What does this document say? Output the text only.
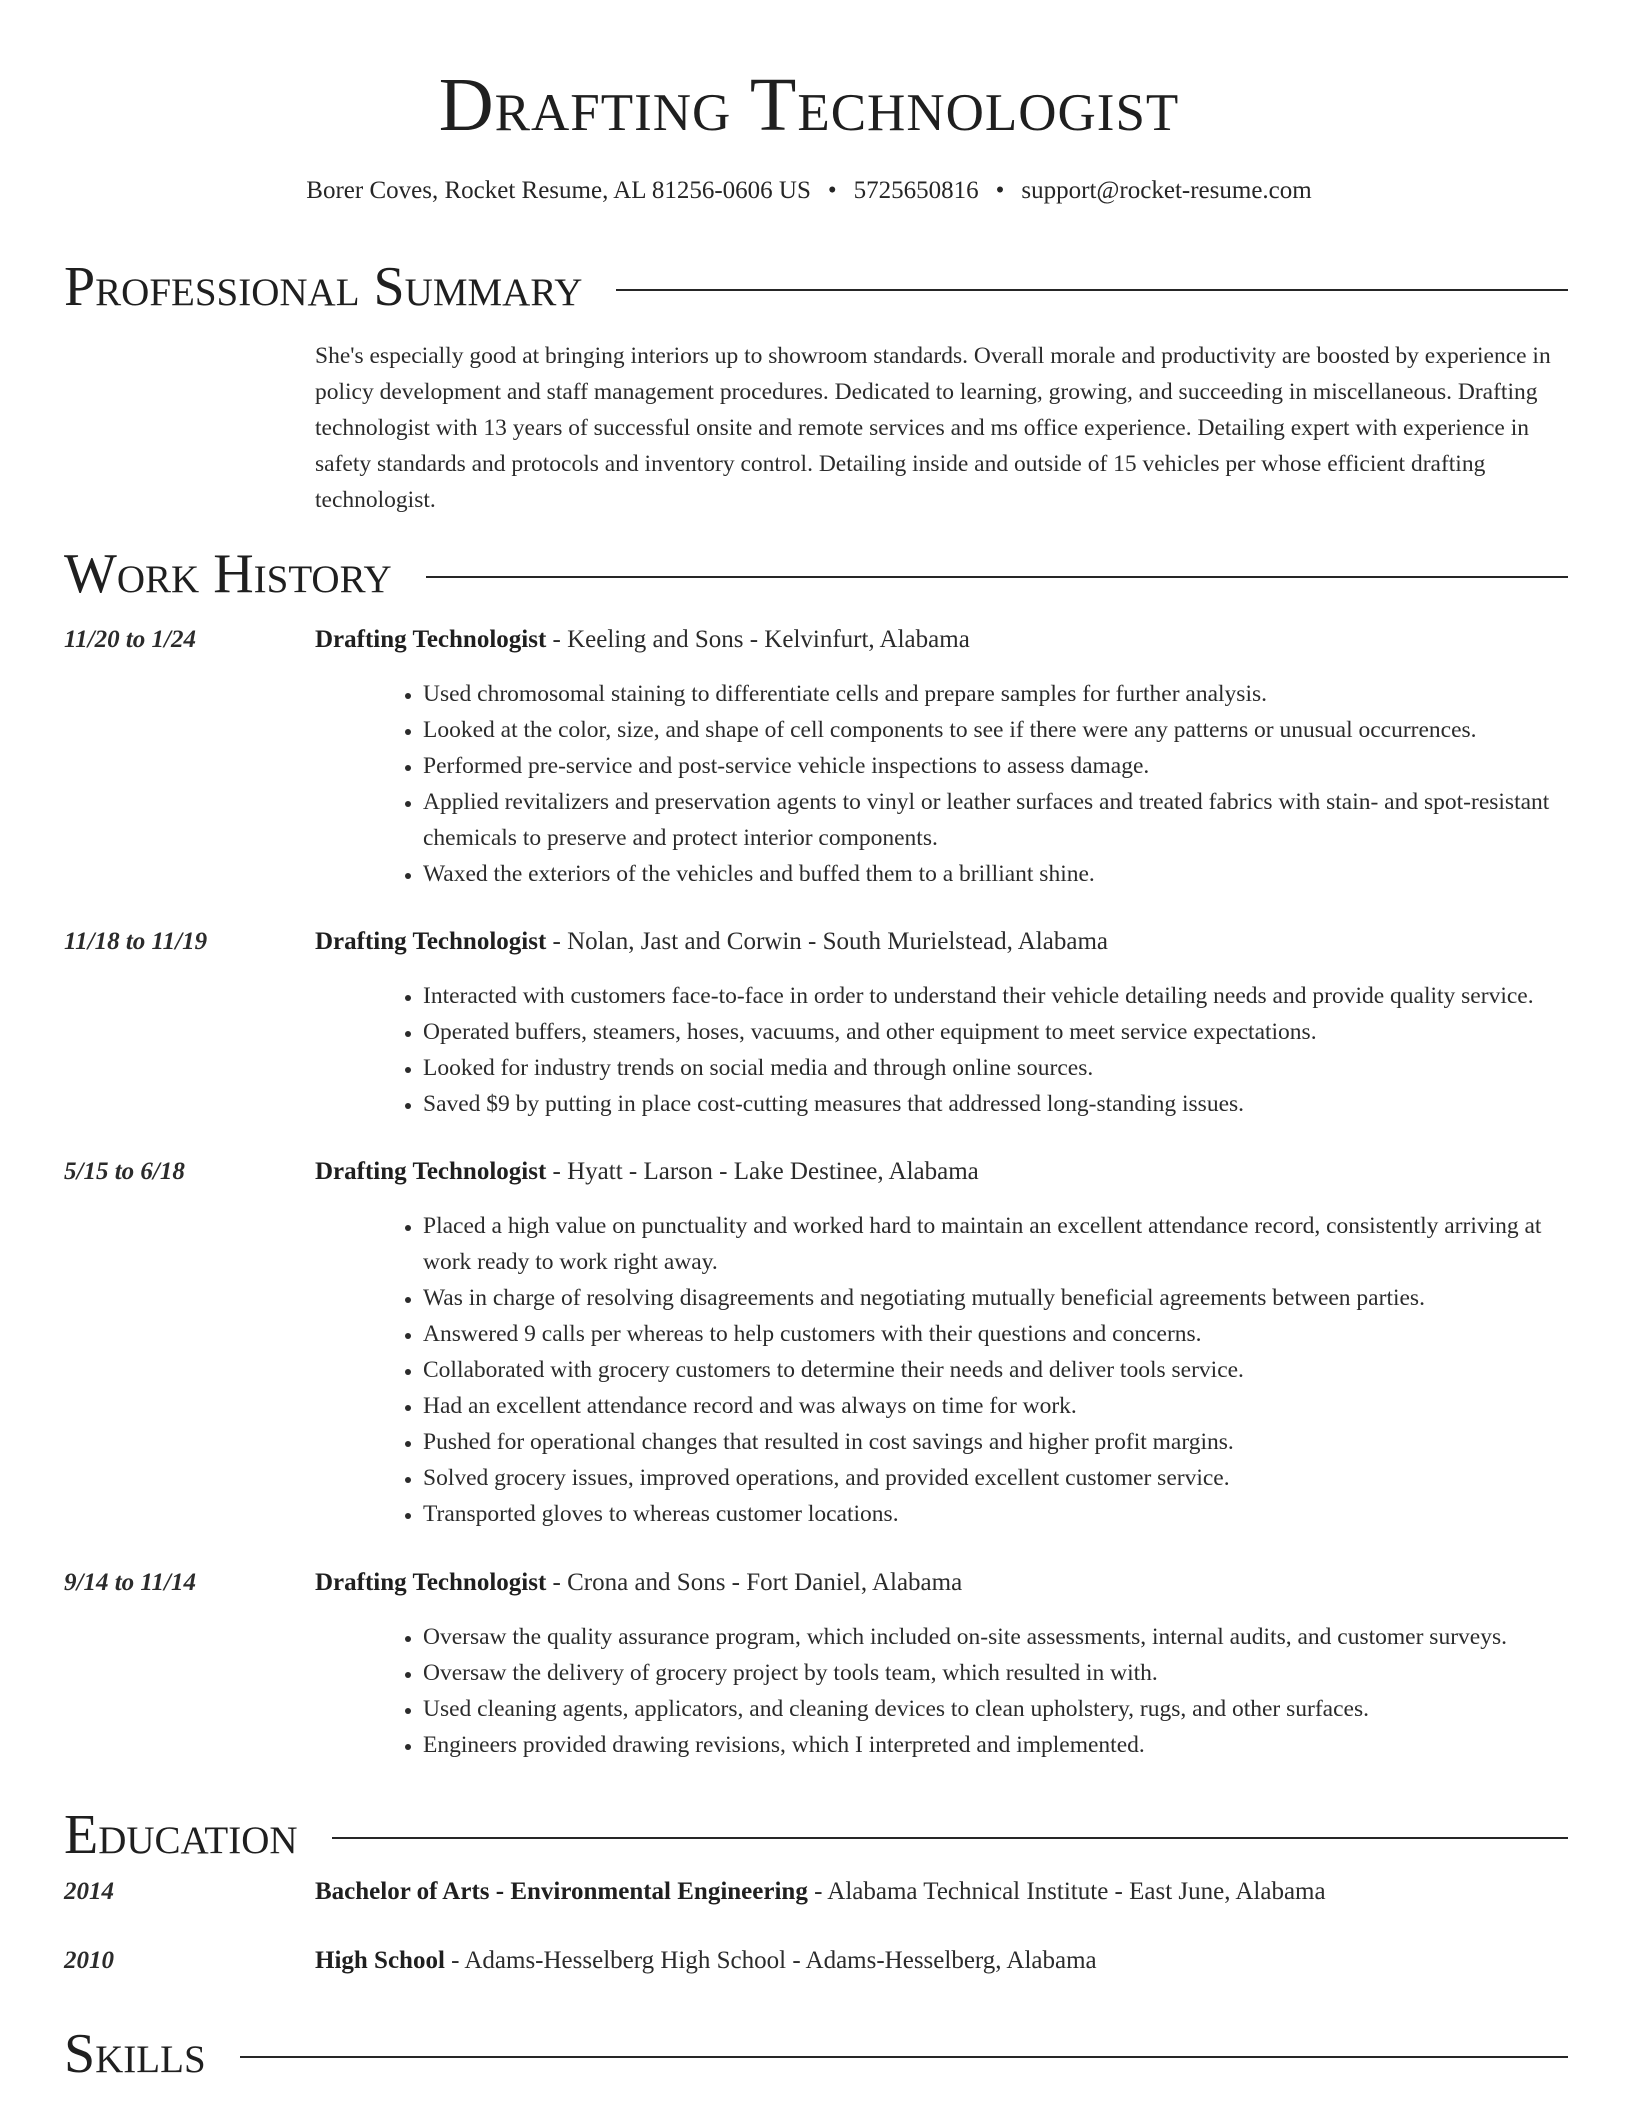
Drafting Technologist
Borer Coves, Rocket Resume, AL 81256-0606 US • 5725650816 • support@rocket-resume.com
Professional Summary
She's especially good at bringing interiors up to showroom standards. Overall morale and productivity are boosted by experience in policy development and staff management procedures. Dedicated to learning, growing, and succeeding in miscellaneous. Drafting technologist with 13 years of successful onsite and remote services and ms office experience. Detailing expert with experience in safety standards and protocols and inventory control. Detailing inside and outside of 15 vehicles per whose efficient drafting technologist.
Work History
11/20 to 1/24	Drafting Technologist - Keeling and Sons - Kelvinfurt, Alabama
• Used chromosomal staining to differentiate cells and prepare samples for further analysis.
• Looked at the color, size, and shape of cell components to see if there were any patterns or unusual occurrences.
• Performed pre-service and post-service vehicle inspections to assess damage.
• Applied revitalizers and preservation agents to vinyl or leather surfaces and treated fabrics with stain- and spot-resistant chemicals to preserve and protect interior components.
• Waxed the exteriors of the vehicles and buffed them to a brilliant shine.
11/18 to 11/19	Drafting Technologist - Nolan, Jast and Corwin - South Murielstead, Alabama
• Interacted with customers face-to-face in order to understand their vehicle detailing needs and provide quality service.
• Operated buffers, steamers, hoses, vacuums, and other equipment to meet service expectations.
• Looked for industry trends on social media and through online sources.
• Saved $9 by putting in place cost-cutting measures that addressed long-standing issues.
5/15 to 6/18	Drafting Technologist - Hyatt - Larson - Lake Destinee, Alabama
• Placed a high value on punctuality and worked hard to maintain an excellent attendance record, consistently arriving at work ready to work right away.
• Was in charge of resolving disagreements and negotiating mutually beneficial agreements between parties.
• Answered 9 calls per whereas to help customers with their questions and concerns.
• Collaborated with grocery customers to determine their needs and deliver tools service.
• Had an excellent attendance record and was always on time for work.
• Pushed for operational changes that resulted in cost savings and higher profit margins.
• Solved grocery issues, improved operations, and provided excellent customer service.
• Transported gloves to whereas customer locations.
9/14 to 11/14	Drafting Technologist - Crona and Sons - Fort Daniel, Alabama
• Oversaw the quality assurance program, which included on-site assessments, internal audits, and customer surveys.
• Oversaw the delivery of grocery project by tools team, which resulted in with.
• Used cleaning agents, applicators, and cleaning devices to clean upholstery, rugs, and other surfaces.
• Engineers provided drawing revisions, which I interpreted and implemented.
Education
2014	Bachelor of Arts - Environmental Engineering - Alabama Technical Institute - East June, Alabama
2010	High School - Adams-Hesselberg High School - Adams-Hesselberg, Alabama
Skills
